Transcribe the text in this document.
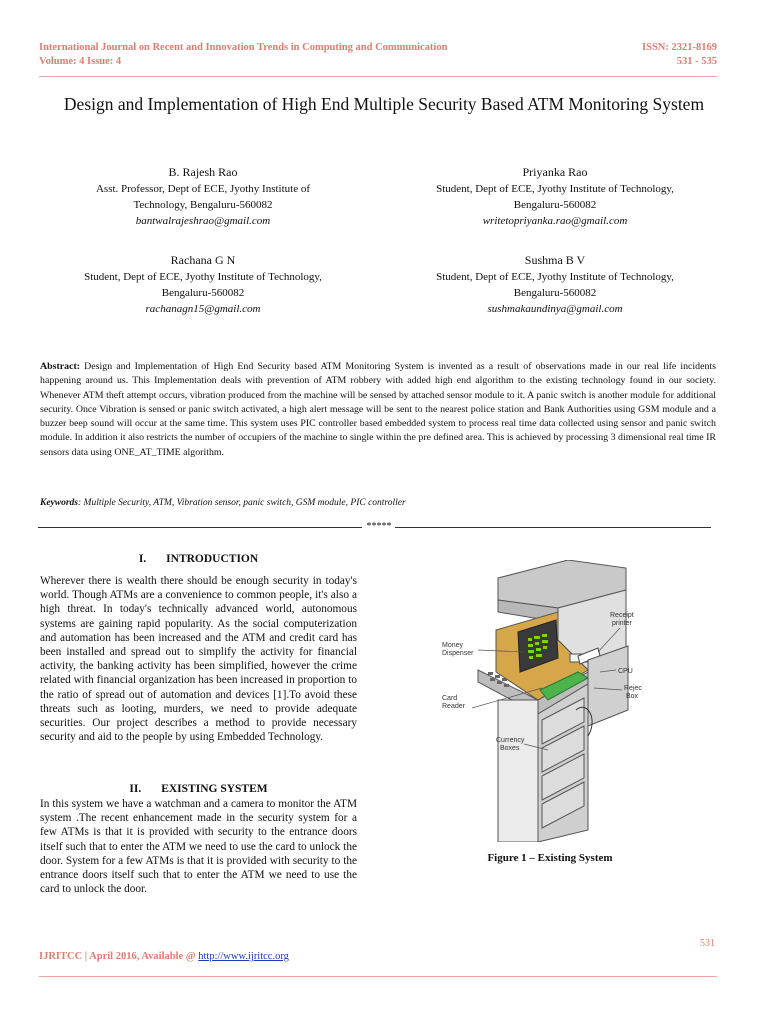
International Journal on Recent and Innovation Trends in Computing and Communication
Volume: 4 Issue: 4
ISSN: 2321-8169
531 - 535
Design and Implementation of High End Multiple Security Based ATM Monitoring System
B. Rajesh Rao
Asst. Professor, Dept of ECE, Jyothy Institute of
Technology, Bengaluru-560082
bantwalrajeshrao@gmail.com
Priyanka Rao
Student, Dept of ECE, Jyothy Institute of Technology,
Bengaluru-560082
writetopriyanka.rao@gmail.com
Rachana G N
Student, Dept of ECE, Jyothy Institute of Technology,
Bengaluru-560082
rachanagn15@gmail.com
Sushma B V
Student, Dept of ECE, Jyothy Institute of Technology,
Bengaluru-560082
sushmakaundinya@gmail.com
Abstract: Design and Implementation of High End Security based ATM Monitoring System is invented as a result of observations made in our real life incidents happening around us. This Implementation deals with prevention of ATM robbery with added high end algorithm to the existing technology found in our society. Whenever ATM theft attempt occurs, vibration produced from the machine will be sensed by attached sensor module to it. A panic switch is another module for additional security. Once Vibration is sensed or panic switch activated, a high alert message will be sent to the nearest police station and Bank Authorities using GSM module and a buzzer beep sound will occur at the same time. This system uses PIC controller based embedded system to process real time data collected using sensor and panic switch module. In addition it also restricts the number of occupiers of the machine to single within the pre defined area. This is achieved by processing 3 dimensional real time IR sensors data using ONE_AT_TIME algorithm.
Keywords: Multiple Security, ATM, Vibration sensor, panic switch, GSM module, PIC controller
*****
I. INTRODUCTION
Wherever there is wealth there should be enough security in today's world. Though ATMs are a convenience to common people, it's also a high threat. In today's technically advanced world, autonomous systems are gaining rapid popularity. As the social computerization and automation has been increased and the ATM and credit card has been installed and spread out to simplify the activity for financial activity, the banking activity has been simplified, however the crime related with financial organization has been increased in proportion to the ratio of spread out of automation and devices [1].To avoid these threats such as looting, murders, we need to provide adequate securities. Our project describes a method to provide necessary security and aid to the people by using Embedded Technology.
II. EXISTING SYSTEM
In this system we have a watchman and a camera to monitor the ATM system .The recent enhancement made in the security system for a few ATMs is that it is provided with security to the entrance doors itself such that to enter the ATM we need to use the card to unlock the door. System for a few ATMs is that it is provided with security to the entrance doors itself such that to enter the ATM we need to use the card to unlock the door.
Money
Dispenser
Receipt
printer
CPU
Rejec
Box
Card
Reader
Currency
Boxes
Figure 1 – Existing System
531
IJRITCC | April 2016, Available @ http://www.ijritcc.org
